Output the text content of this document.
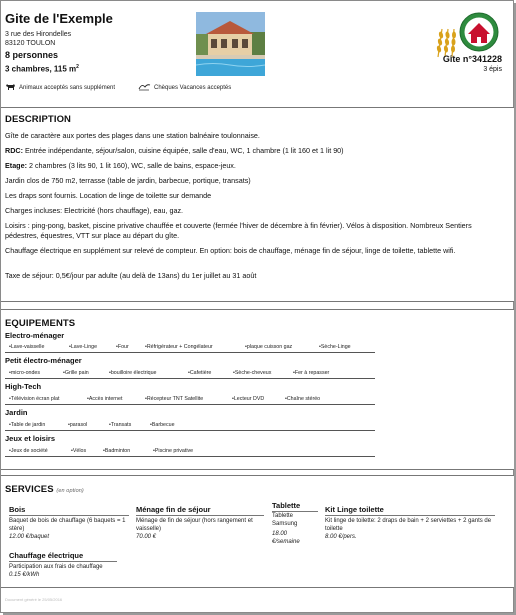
Gite de l'Exemple
3 rue des Hirondelles
83120 TOULON
8 personnes
3 chambres, 115 $m^2$
Animaux acceptés sans supplément	Chèques Vacances acceptés
Gîte n°341228
3 épis
DESCRIPTION

Gîte de caractère aux portes des plages dans une station balnéaire toulonnaise.

RDC: Entrée indépendante, séjour/salon, cuisine équipée, salle d'eau, WC, 1 chambre (1 lit 160 et 1 lit 90)

Etage: 2 chambres (3 lits 90, 1 lit 160), WC, salle de bains, espace-jeux.

Jardin clos de 750 m2, terrasse (table de jardin, barbecue, portique, transats)

Les draps sont fournis. Location de linge de toilette sur demande

Charges incluses: Electricité (hors chauffage), eau, gaz.

Loisirs : ping-pong, basket, piscine privative chauffée et couverte (fermée l'hiver de décembre à fin février). Vélos à disposition. Nombreux Sentiers pédestres, équestres, VTT sur place au départ du gîte.

Chauffage électrique en supplément sur relevé de compteur. En option: bois de chauffage, ménage fin de séjour, linge de toilette, tablette wifi.

Taxe de séjour: 0,5€/jour par adulte (au delà de 13ans) du 1er juillet au 31 août

EQUIPEMENTS
Electro-ménager
•Lave-vaisselle	•Lave-Linge	•Four	•Réfrigérateur + Congélateur	•plaque cuisson gaz	•Sèche-Linge
Petit électro-ménager
•micro-ondes	•Grille pain	•bouilloire électrique	•Cafetière	•Sèche-cheveux	•Fer à repasser
High-Tech
•Télévision écran plat	•Accès internet	•Récepteur TNT Satellite	•Lecteur DVD	•Chaîne stéréo
Jardin
•Table de jardin	•parasol	•Transats	•Barbecue
Jeux et loisirs
•Jeux de société	•Vélos	•Badminton	•Piscine privative
SERVICES (en option)
Bois
Baquet de bois de chauffage (6 baquets = 1 stère)
12.00 €/baquet
Ménage fin de séjour
Ménage de fin de séjour (hors rangement et vaisselle)
70.00 €
Tablette
Tablette Samsung
18.00 €/semaine
Kit Linge toilette
Kit linge de toilette: 2 draps de bain + 2 serviettes + 2 gants de toilette
8.00 €/pers.
Chauffage électrique
Participation aux frais de chauffage
0.15 €/kWh
Document généré le 25/05/2016
